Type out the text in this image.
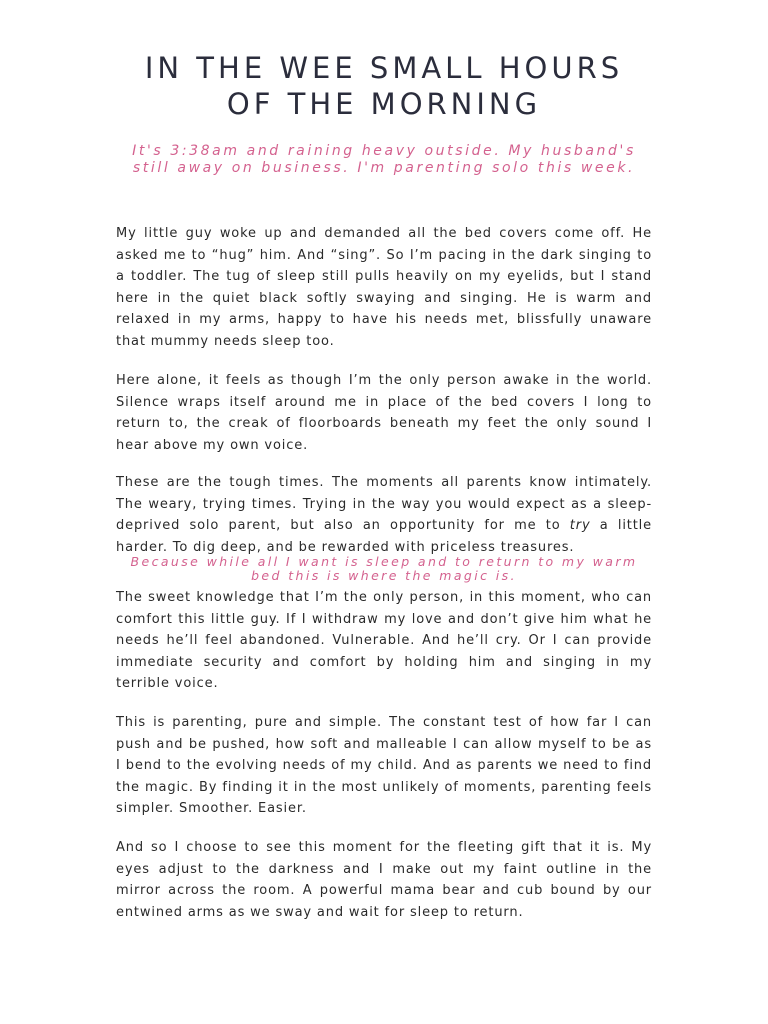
IN THE WEE SMALL HOURS
OF THE MORNING

It's 3:38am and raining heavy outside. My husband's still away on business. I'm parenting solo this week.

My little guy woke up and demanded all the bed covers come off. He asked me to “hug” him. And “sing”. So I’m pacing in the dark singing to a toddler. The tug of sleep still pulls heavily on my eyelids, but I stand here in the quiet black softly swaying and singing. He is warm and relaxed in my arms, happy to have his needs met, blissfully unaware that mummy needs sleep too.

Here alone, it feels as though I’m the only person awake in the world. Silence wraps itself around me in place of the bed covers I long to return to, the creak of floorboards beneath my feet the only sound I hear above my own voice.

These are the tough times. The moments all parents know intimately. The weary, trying times. Trying in the way you would expect as a sleep-deprived solo parent, but also an opportunity for me to try a little harder. To dig deep, and be rewarded with priceless treasures.

Because while all I want is sleep and to return to my warm bed this is where the magic is.

The sweet knowledge that I’m the only person, in this moment, who can comfort this little guy. If I withdraw my love and don’t give him what he needs he’ll feel abandoned. Vulnerable. And he’ll cry. Or I can provide immediate security and comfort by holding him and singing in my terrible voice.

This is parenting, pure and simple. The constant test of how far I can push and be pushed, how soft and malleable I can allow myself to be as I bend to the evolving needs of my child. And as parents we need to find the magic. By finding it in the most unlikely of moments, parenting feels simpler. Smoother. Easier.

And so I choose to see this moment for the fleeting gift that it is. My eyes adjust to the darkness and I make out my faint outline in the mirror across the room. A powerful mama bear and cub bound by our entwined arms as we sway and wait for sleep to return.
